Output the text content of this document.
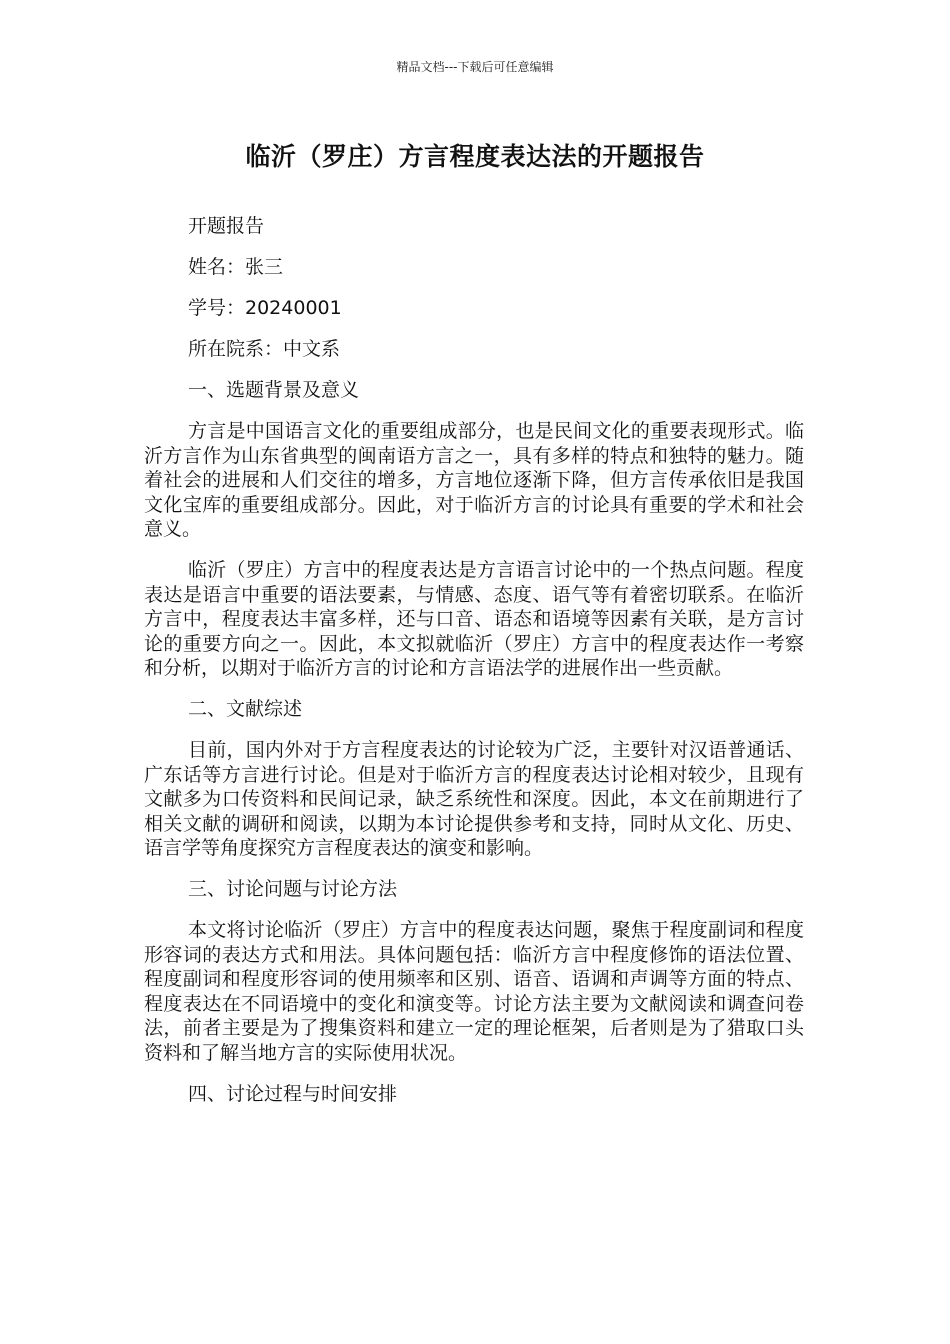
精品文档---下载后可任意编辑
临沂（罗庄）方言程度表达法的开题报告
开题报告
姓名：张三
学号：20240001
所在院系：中文系
一、选题背景及意义

方言是中国语言文化的重要组成部分，也是民间文化的重要表现形式。临沂方言作为山东省典型的闽南语方言之一，具有多样的特点和独特的魅力。随着社会的进展和人们交往的增多，方言地位逐渐下降，但方言传承依旧是我国文化宝库的重要组成部分。因此，对于临沂方言的讨论具有重要的学术和社会意义。

临沂（罗庄）方言中的程度表达是方言语言讨论中的一个热点问题。程度表达是语言中重要的语法要素，与情感、态度、语气等有着密切联系。在临沂方言中，程度表达丰富多样，还与口音、语态和语境等因素有关联，是方言讨论的重要方向之一。因此，本文拟就临沂（罗庄）方言中的程度表达作一考察和分析，以期对于临沂方言的讨论和方言语法学的进展作出一些贡献。

二、文献综述

目前，国内外对于方言程度表达的讨论较为广泛，主要针对汉语普通话、广东话等方言进行讨论。但是对于临沂方言的程度表达讨论相对较少，且现有文献多为口传资料和民间记录，缺乏系统性和深度。因此，本文在前期进行了相关文献的调研和阅读，以期为本讨论提供参考和支持，同时从文化、历史、语言学等角度探究方言程度表达的演变和影响。

三、讨论问题与讨论方法

本文将讨论临沂（罗庄）方言中的程度表达问题，聚焦于程度副词和程度形容词的表达方式和用法。具体问题包括：临沂方言中程度修饰的语法位置、程度副词和程度形容词的使用频率和区别、语音、语调和声调等方面的特点、程度表达在不同语境中的变化和演变等。讨论方法主要为文献阅读和调查问卷法，前者主要是为了搜集资料和建立一定的理论框架，后者则是为了猎取口头资料和了解当地方言的实际使用状况。

四、讨论过程与时间安排
